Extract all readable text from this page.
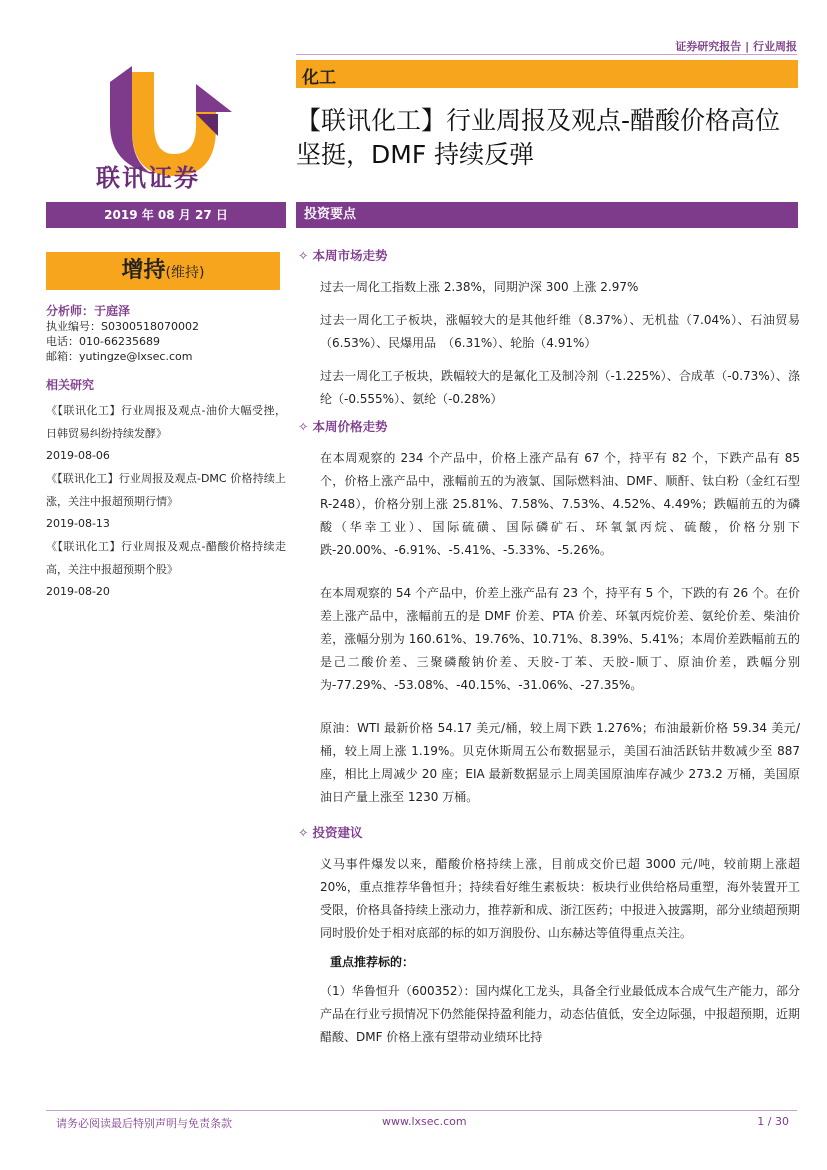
证券研究报告 | 行业周报
联讯证券
化工
【联讯化工】行业周报及观点-醋酸价格高位坚挺，DMF 持续反弹
2019 年 08 月 27 日	投资要点
增持(维持)
分析师：于庭泽
执业编号：S0300518070002
电话：010-66235689
邮箱：yutingze@lxsec.com
相关研究
《【联讯化工】行业周报及观点-油价大幅受挫，日韩贸易纠纷持续发酵》
2019-08-06
《【联讯化工】行业周报及观点-DMC 价格持续上涨，关注中报超预期行情》
2019-08-13
《【联讯化工】行业周报及观点-醋酸价格持续走高，关注中报超预期个股》
2019-08-20
✧ 本周市场走势
过去一周化工指数上涨 2.38%，同期沪深 300 上涨 2.97%
过去一周化工子板块，涨幅较大的是其他纤维（8.37%）、无机盐（7.04%）、石油贸易（6.53%）、民爆用品　（6.31%）、轮胎（4.91%）
过去一周化工子板块，跌幅较大的是氟化工及制冷剂（-1.225%）、合成革（-0.73%）、涤纶（-0.555%）、氨纶（-0.28%）
✧ 本周价格走势
在本周观察的 234 个产品中，价格上涨产品有 67 个，持平有 82 个，下跌产品有 85 个，价格上涨产品中，涨幅前五的为液氯、国际燃料油、DMF、顺酐、钛白粉（金红石型 R-248），价格分别上涨 25.81%、7.58%、7.53%、4.52%、4.49%；跌幅前五的为磷酸（华幸工业）、国际硫磺、国际磷矿石、环氧氯丙烷、硫酸，价格分别下跌-20.00%、-6.91%、-5.41%、-5.33%、-5.26%。
在本周观察的 54 个产品中，价差上涨产品有 23 个，持平有 5 个，下跌的有 26 个。在价差上涨产品中，涨幅前五的是 DMF 价差、PTA 价差、环氧丙烷价差、氨纶价差、柴油价差，涨幅分别为 160.61%、19.76%、10.71%、8.39%、5.41%；本周价差跌幅前五的是己二酸价差、三聚磷酸钠价差、天胶-丁苯、天胶-顺丁、原油价差，跌幅分别为-77.29%、-53.08%、-40.15%、-31.06%、-27.35%。
原油：WTI 最新价格 54.17 美元/桶，较上周下跌 1.276%；布油最新价格 59.34 美元/桶，较上周上涨 1.19%。贝克休斯周五公布数据显示，美国石油活跃钻井数减少至 887 座，相比上周减少 20 座；EIA 最新数据显示上周美国原油库存减少 273.2 万桶，美国原油日产量上涨至 1230 万桶。
✧ 投资建议
义马事件爆发以来，醋酸价格持续上涨，目前成交价已超 3000 元/吨，较前期上涨超 20%，重点推荐华鲁恒升；持续看好维生素板块：板块行业供给格局重塑，海外装置开工受限，价格具备持续上涨动力，推荐新和成、浙江医药；中报进入披露期，部分业绩超预期同时股价处于相对底部的标的如万润股份、山东赫达等值得重点关注。
重点推荐标的：
（1）华鲁恒升（600352）：国内煤化工龙头，具备全行业最低成本合成气生产能力，部分产品在行业亏损情况下仍然能保持盈利能力，动态估值低，安全边际强，中报超预期，近期醋酸、DMF 价格上涨有望带动业绩环比持
请务必阅读最后特别声明与免责条款	www.lxsec.com	1 / 30
